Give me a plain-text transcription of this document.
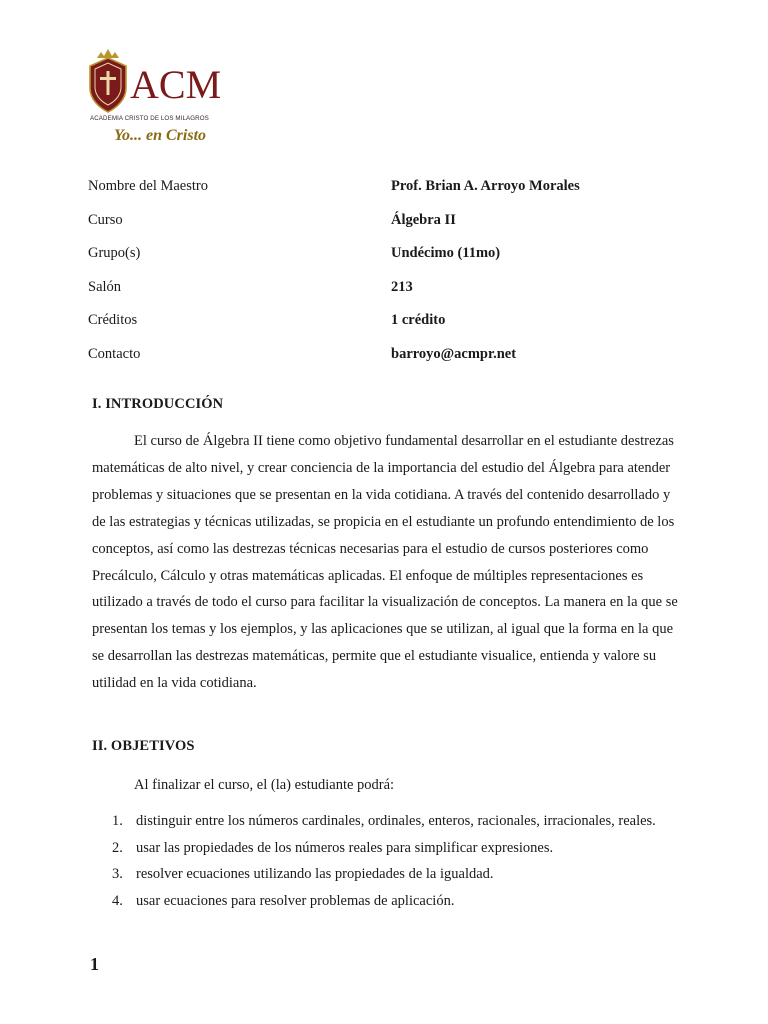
ACM
ACADEMIA CRISTO DE LOS MILAGROS
Yo... en Cristo
Nombre del Maestro	Prof. Brian A. Arroyo Morales
Curso	Álgebra II
Grupo(s)	Undécimo (11mo)
Salón	213
Créditos	1 crédito
Contacto	barroyo@acmpr.net
I. INTRODUCCIÓN

El curso de Álgebra II tiene como objetivo fundamental desarrollar en el estudiante destrezas matemáticas de alto nivel, y crear conciencia de la importancia del estudio del Álgebra para atender problemas y situaciones que se presentan en la vida cotidiana. A través del contenido desarrollado y de las estrategias y técnicas utilizadas, se propicia en el estudiante un profundo entendimiento de los conceptos, así como las destrezas técnicas necesarias para el estudio de cursos posteriores como Precálculo, Cálculo y otras matemáticas aplicadas. El enfoque de múltiples representaciones es utilizado a través de todo el curso para facilitar la visualización de conceptos. La manera en la que se presentan los temas y los ejemplos, y las aplicaciones que se utilizan, al igual que la forma en la que se desarrollan las destrezas matemáticas, permite que el estudiante visualice, entienda y valore su utilidad en la vida cotidiana.

II. OBJETIVOS
Al finalizar el curso, el (la) estudiante podrá:
1. distinguir entre los números cardinales, ordinales, enteros, racionales, irracionales, reales.
2. usar las propiedades de los números reales para simplificar expresiones.
3. resolver ecuaciones utilizando las propiedades de la igualdad.
4. usar ecuaciones para resolver problemas de aplicación.
1
